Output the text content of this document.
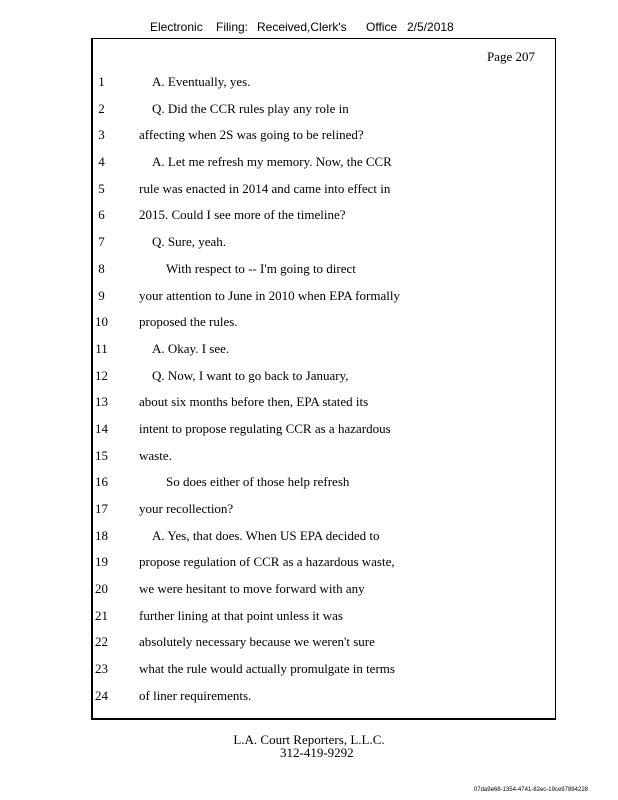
Electronic Filing: Received,Clerk's Office 2/5/2018
Page 207
1	A. Eventually, yes.
2	Q. Did the CCR rules play any role in
3	affecting when 2S was going to be relined?
4	A. Let me refresh my memory. Now, the CCR
5	rule was enacted in 2014 and came into effect in
6	2015. Could I see more of the timeline?
7	Q. Sure, yeah.
8	With respect to -- I'm going to direct
9	your attention to June in 2010 when EPA formally
10	proposed the rules.
11	A. Okay. I see.
12	Q. Now, I want to go back to January,
13	about six months before then, EPA stated its
14	intent to propose regulating CCR as a hazardous
15	waste.
16	So does either of those help refresh
17	your recollection?
18	A. Yes, that does. When US EPA decided to
19	propose regulation of CCR as a hazardous waste,
20	we were hesitant to move forward with any
21	further lining at that point unless it was
22	absolutely necessary because we weren't sure
23	what the rule would actually promulgate in terms
24	of liner requirements.
L.A. Court Reporters, L.L.C.
312-419-9292
07da9e68-1354-4741-82ec-19ce97894228
